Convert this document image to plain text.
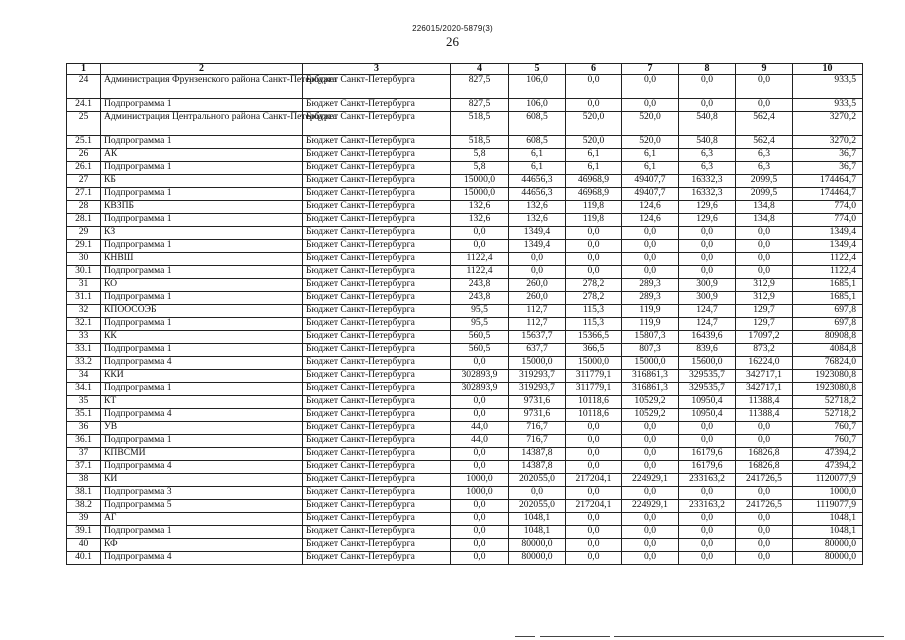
226015/2020-5879(3)
26
1	2	3	4	5	6	7	8	9	10
24	Администрация Фрунзенского района Санкт-Петербурга	Бюджет Санкт-Петербурга	827,5	106,0	0,0	0,0	0,0	0,0	933,5
24.1	Подпрограмма 1	Бюджет Санкт-Петербурга	827,5	106,0	0,0	0,0	0,0	0,0	933,5
25	Администрация Центрального района Санкт-Петербурга	Бюджет Санкт-Петербурга	518,5	608,5	520,0	520,0	540,8	562,4	3270,2
25.1	Подпрограмма 1	Бюджет Санкт-Петербурга	518,5	608,5	520,0	520,0	540,8	562,4	3270,2
26	АК	Бюджет Санкт-Петербурга	5,8	6,1	6,1	6,1	6,3	6,3	36,7
26.1	Подпрограмма 1	Бюджет Санкт-Петербурга	5,8	6,1	6,1	6,1	6,3	6,3	36,7
27	КБ	Бюджет Санкт-Петербурга	15000,0	44656,3	46968,9	49407,7	16332,3	2099,5	174464,7
27.1	Подпрограмма 1	Бюджет Санкт-Петербурга	15000,0	44656,3	46968,9	49407,7	16332,3	2099,5	174464,7
28	КВЗПБ	Бюджет Санкт-Петербурга	132,6	132,6	119,8	124,6	129,6	134,8	774,0
28.1	Подпрограмма 1	Бюджет Санкт-Петербурга	132,6	132,6	119,8	124,6	129,6	134,8	774,0
29	КЗ	Бюджет Санкт-Петербурга	0,0	1349,4	0,0	0,0	0,0	0,0	1349,4
29.1	Подпрограмма 1	Бюджет Санкт-Петербурга	0,0	1349,4	0,0	0,0	0,0	0,0	1349,4
30	КНВШ	Бюджет Санкт-Петербурга	1122,4	0,0	0,0	0,0	0,0	0,0	1122,4
30.1	Подпрограмма 1	Бюджет Санкт-Петербурга	1122,4	0,0	0,0	0,0	0,0	0,0	1122,4
31	КО	Бюджет Санкт-Петербурга	243,8	260,0	278,2	289,3	300,9	312,9	1685,1
31.1	Подпрограмма 1	Бюджет Санкт-Петербурга	243,8	260,0	278,2	289,3	300,9	312,9	1685,1
32	КПООСОЭБ	Бюджет Санкт-Петербурга	95,5	112,7	115,3	119,9	124,7	129,7	697,8
32.1	Подпрограмма 1	Бюджет Санкт-Петербурга	95,5	112,7	115,3	119,9	124,7	129,7	697,8
33	КК	Бюджет Санкт-Петербурга	560,5	15637,7	15366,5	15807,3	16439,6	17097,2	80908,8
33.1	Подпрограмма 1	Бюджет Санкт-Петербурга	560,5	637,7	366,5	807,3	839,6	873,2	4084,8
33.2	Подпрограмма 4	Бюджет Санкт-Петербурга	0,0	15000,0	15000,0	15000,0	15600,0	16224,0	76824,0
34	ККИ	Бюджет Санкт-Петербурга	302893,9	319293,7	311779,1	316861,3	329535,7	342717,1	1923080,8
34.1	Подпрограмма 1	Бюджет Санкт-Петербурга	302893,9	319293,7	311779,1	316861,3	329535,7	342717,1	1923080,8
35	КТ	Бюджет Санкт-Петербурга	0,0	9731,6	10118,6	10529,2	10950,4	11388,4	52718,2
35.1	Подпрограмма 4	Бюджет Санкт-Петербурга	0,0	9731,6	10118,6	10529,2	10950,4	11388,4	52718,2
36	УВ	Бюджет Санкт-Петербурга	44,0	716,7	0,0	0,0	0,0	0,0	760,7
36.1	Подпрограмма 1	Бюджет Санкт-Петербурга	44,0	716,7	0,0	0,0	0,0	0,0	760,7
37	КПВСМИ	Бюджет Санкт-Петербурга	0,0	14387,8	0,0	0,0	16179,6	16826,8	47394,2
37.1	Подпрограмма 4	Бюджет Санкт-Петербурга	0,0	14387,8	0,0	0,0	16179,6	16826,8	47394,2
38	КИ	Бюджет Санкт-Петербурга	1000,0	202055,0	217204,1	224929,1	233163,2	241726,5	1120077,9
38.1	Подпрограмма 3	Бюджет Санкт-Петербурга	1000,0	0,0	0,0	0,0	0,0	0,0	1000,0
38.2	Подпрограмма 5	Бюджет Санкт-Петербурга	0,0	202055,0	217204,1	224929,1	233163,2	241726,5	1119077,9
39	АГ	Бюджет Санкт-Петербурга	0,0	1048,1	0,0	0,0	0,0	0,0	1048,1
39.1	Подпрограмма 1	Бюджет Санкт-Петербурга	0,0	1048,1	0,0	0,0	0,0	0,0	1048,1
40	КФ	Бюджет Санкт-Петербурга	0,0	80000,0	0,0	0,0	0,0	0,0	80000,0
40.1	Подпрограмма 4	Бюджет Санкт-Петербурга	0,0	80000,0	0,0	0,0	0,0	0,0	80000,0
